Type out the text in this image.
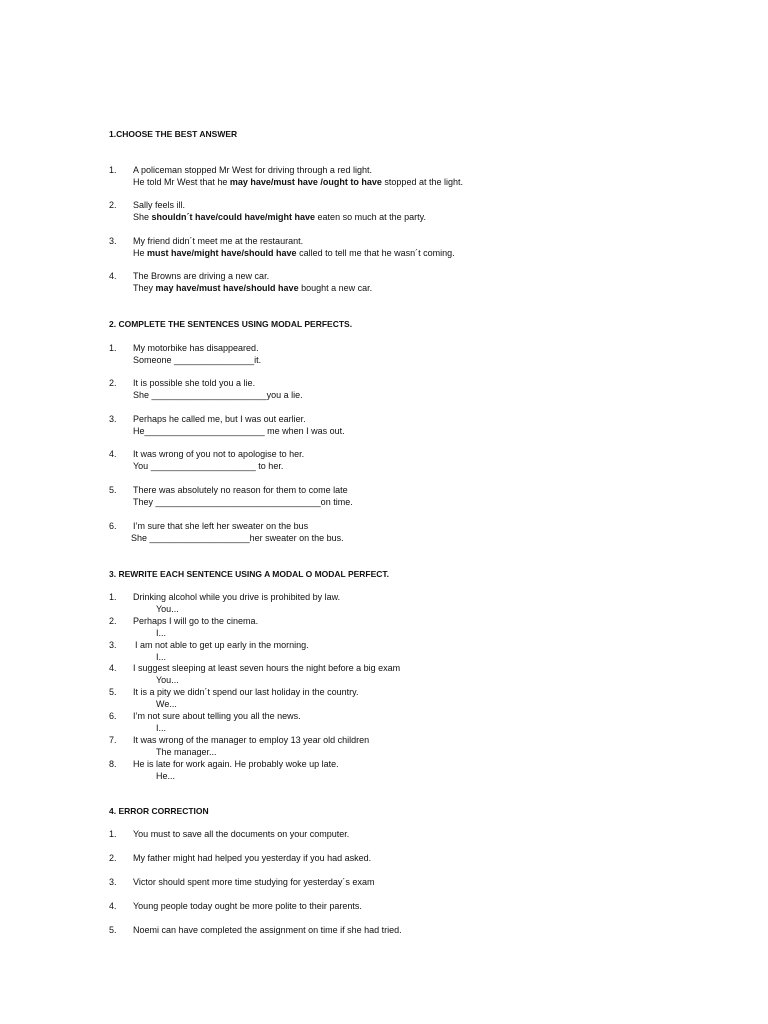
1.CHOOSE THE BEST ANSWER
1. A policeman stopped Mr West for driving through a red light.
He told Mr West that he may have/must have /ought to have stopped at the light.
2. Sally feels ill.
She shouldn´t have/could have/might have eaten so much at the party.
3. My friend didn´t meet me at the restaurant.
He must have/might have/should have called to tell me that he wasn´t coming.
4. The Browns are driving a new car.
They may have/must have/should have bought a new car.
2. COMPLETE THE SENTENCES USING MODAL PERFECTS.
1. My motorbike has disappeared.
Someone ________________it.
2. It is possible she told you a lie.
She _______________________you a lie.
3. Perhaps he called me, but I was out earlier.
He________________________ me when I was out.
4. It was wrong of you not to apologise to her.
You _____________________ to her.
5. There was absolutely no reason for them to come late
They _________________________________on time.
6. I’m sure that she left her sweater on the bus
She ____________________her sweater on the bus.
3. REWRITE EACH SENTENCE USING A MODAL O MODAL PERFECT.
1. Drinking alcohol while you drive is prohibited by law.
You...
2. Perhaps I will go to the cinema.
I...
3. I am not able to get up early in the morning.
I...
4. I suggest sleeping at least seven hours the night before a big exam
You...
5. It is a pity we didn´t spend our last holiday in the country.
We...
6. I’m not sure about telling you all the news.
I...
7. It was wrong of the manager to employ 13 year old children
The manager...
8. He is late for work again. He probably woke up late.
He...
4. ERROR CORRECTION
1. You must to save all the documents on your computer.
2. My father might had helped you yesterday if you had asked.
3. Victor should spent more time studying for yesterday´s exam
4. Young people today ought be more polite to their parents.
5. Noemi can have completed the assignment on time if she had tried.
